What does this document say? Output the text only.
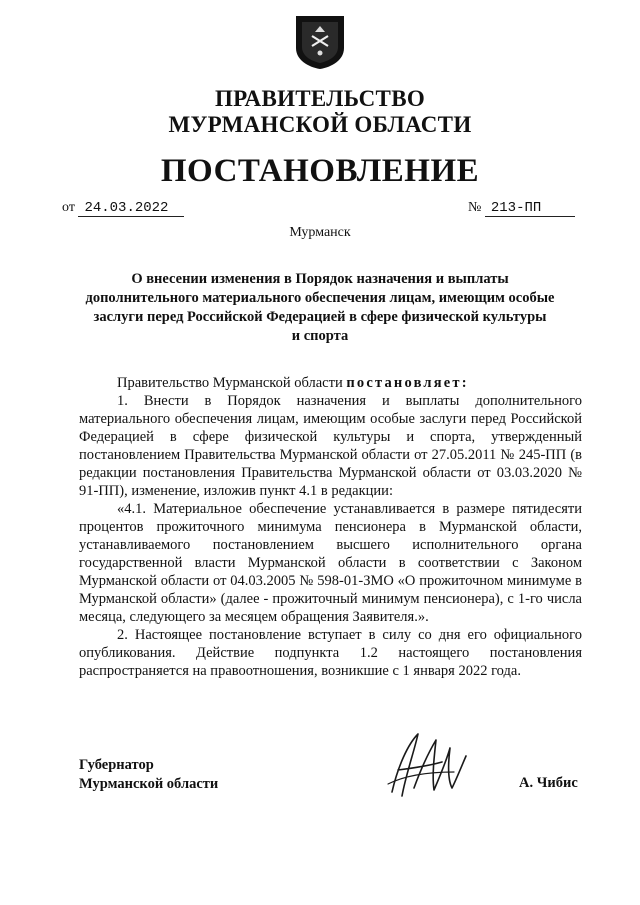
ПРАВИТЕЛЬСТВО
МУРМАНСКОЙ ОБЛАСТИ
ПОСТАНОВЛЕНИЕ
от 24.03.2022	№ 213-ПП
Мурманск
О внесении изменения в Порядок назначения и выплаты
дополнительного материального обеспечения лицам, имеющим особые
заслуги перед Российской Федерацией в сфере физической культуры
и спорта

Правительство Мурманской области постановляет:

1. Внести в Порядок назначения и выплаты дополнительного материального обеспечения лицам, имеющим особые заслуги перед Российской Федерацией в сфере физической культуры и спорта, утвержденный постановлением Правительства Мурманской области от 27.05.2011 № 245-ПП (в редакции постановления Правительства Мурманской области от 03.03.2020 № 91-ПП), изменение, изложив пункт 4.1 в редакции:

«4.1. Материальное обеспечение устанавливается в размере пятидесяти процентов прожиточного минимума пенсионера в Мурманской области, устанавливаемого постановлением высшего исполнительного органа государственной власти Мурманской области в соответствии с Законом Мурманской области от 04.03.2005 № 598-01-ЗМО «О прожиточном минимуме в Мурманской области» (далее - прожиточный минимум пенсионера), с 1-го числа месяца, следующего за месяцем обращения Заявителя.».

2. Настоящее постановление вступает в силу со дня его официального опубликования. Действие подпункта 1.2 настоящего постановления распространяется на правоотношения, возникшие с 1 января 2022 года.

Губернатор
Мурманской области	А. Чибис
